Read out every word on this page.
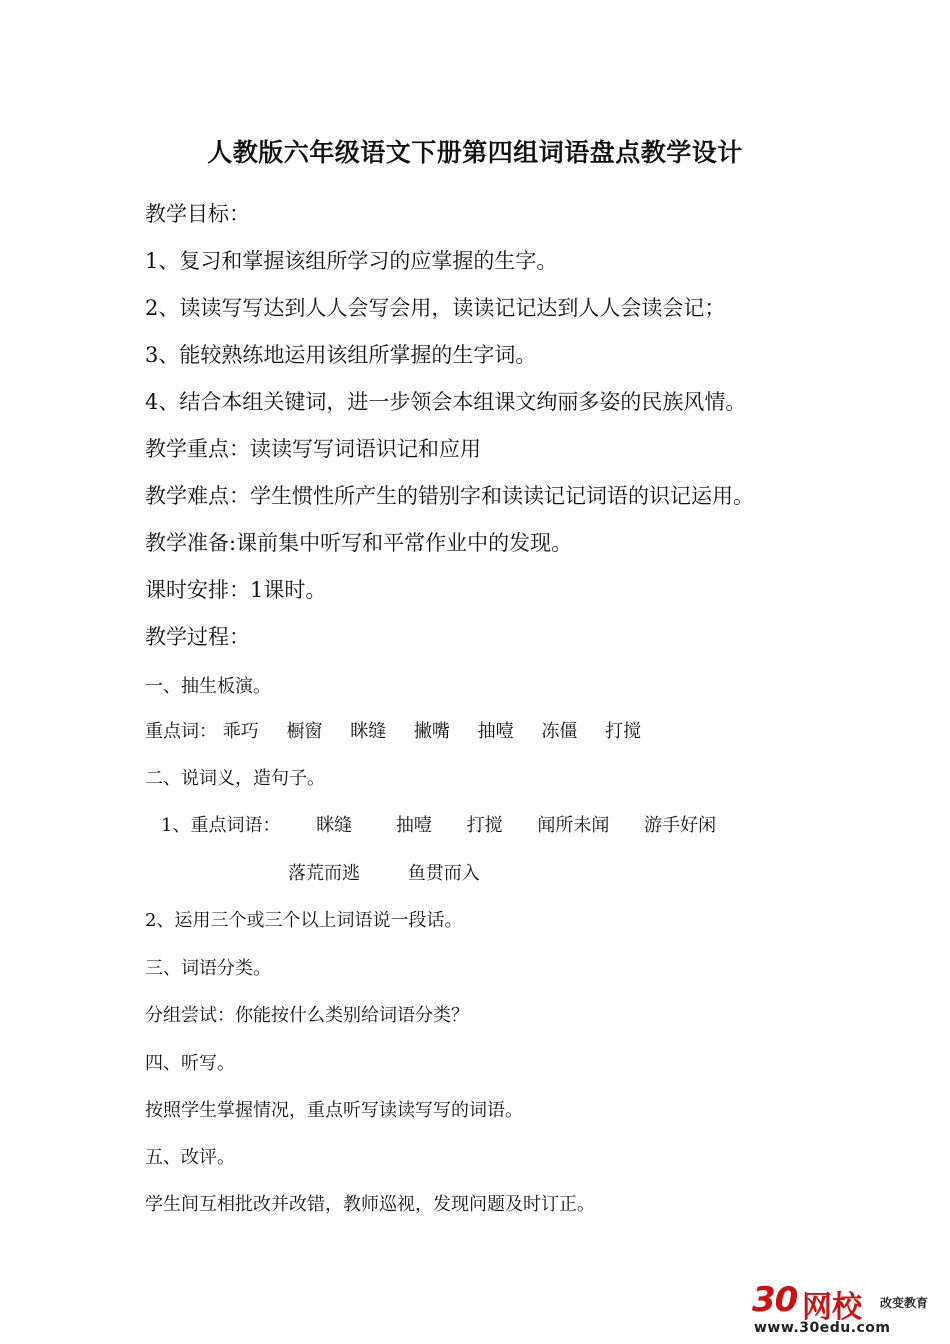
人教版六年级语文下册第四组词语盘点教学设计
教学目标：
1、复习和掌握该组所学习的应掌握的生字。
2、读读写写达到人人会写会用，读读记记达到人人会读会记；
3、能较熟练地运用该组所掌握的生字词。
4、结合本组关键词，进一步领会本组课文绚丽多姿的民族风情。
教学重点：读读写写词语识记和应用
教学难点：学生惯性所产生的错别字和读读记记词语的识记运用。
教学准备:课前集中听写和平常作业中的发现。
课时安排：1课时。
教学过程：
一、抽生板演。
重点词： 乖巧 橱窗 眯缝 撇嘴 抽噎 冻僵 打搅
二、说词义，造句子。
1、重点词语： 眯缝 抽噎 打搅 闻所未闻 游手好闲
落荒而逃	鱼贯而入
2、运用三个或三个以上词语说一段话。
三、词语分类。
分组尝试：你能按什么类别给词语分类？
四、听写。
按照学生掌握情况，重点听写读读写写的词语。
五、改评。
学生间互相批改并改错，教师巡视，发现问题及时订正。
30 网校 改变教育
www.30edu.com
